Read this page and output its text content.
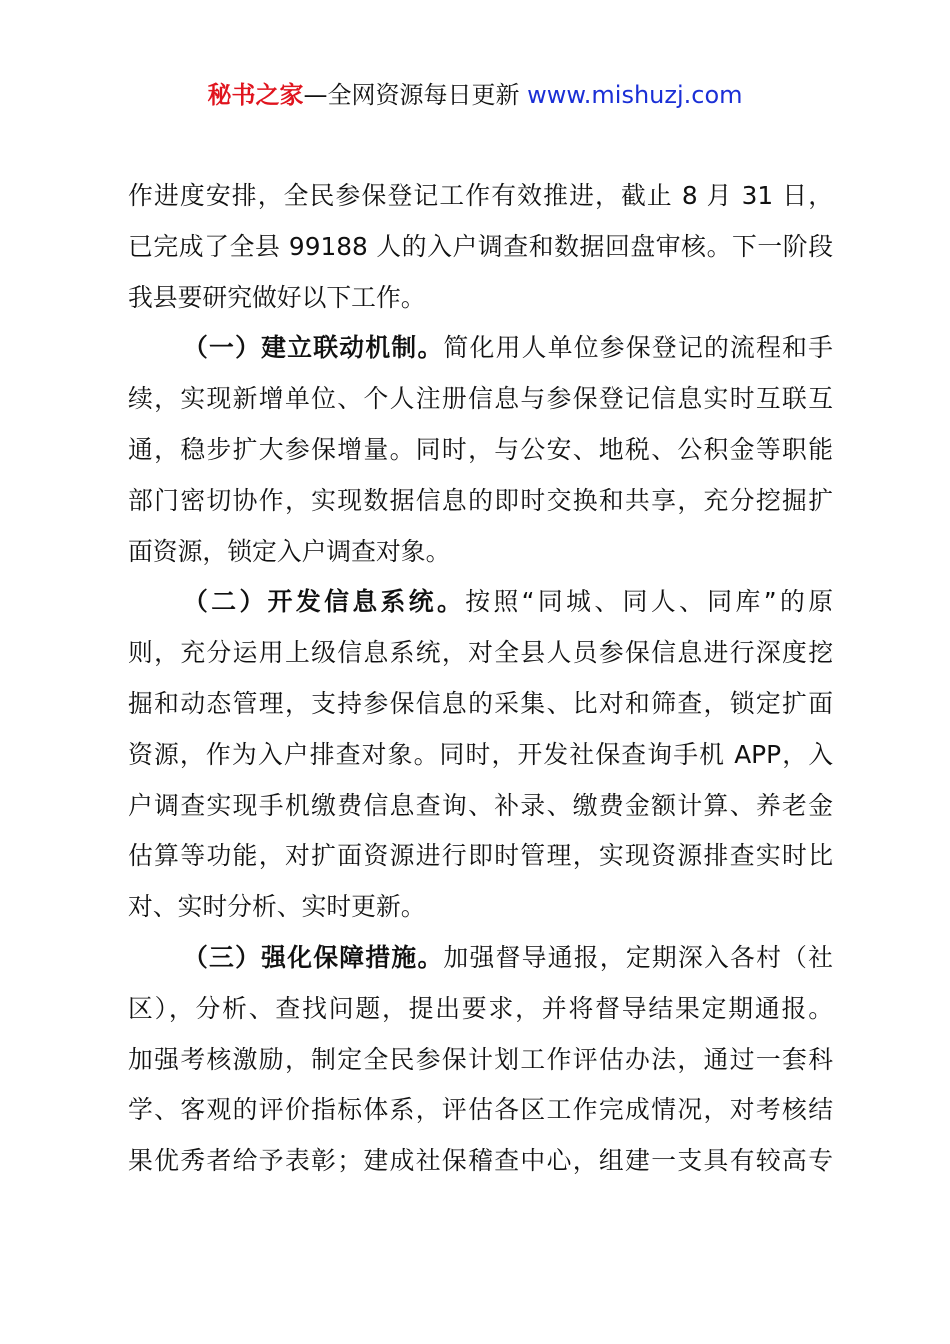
秘书之家—全网资源每日更新 www.mishuzj.com
作进度安排，全民参保登记工作有效推进，截止 8 月 31 日，
已完成了全县 99188 人的入户调查和数据回盘审核。下一阶段
我县要研究做好以下工作。
（一）建立联动机制。简化用人单位参保登记的流程和手
续，实现新增单位、个人注册信息与参保登记信息实时互联互
通，稳步扩大参保增量。同时，与公安、地税、公积金等职能
部门密切协作，实现数据信息的即时交换和共享，充分挖掘扩
面资源，锁定入户调查对象。
（二）开发信息系统。按照“同城、同人、同库”的原
则，充分运用上级信息系统，对全县人员参保信息进行深度挖
掘和动态管理，支持参保信息的采集、比对和筛查，锁定扩面
资源，作为入户排查对象。同时，开发社保查询手机 APP，入
户调查实现手机缴费信息查询、补录、缴费金额计算、养老金
估算等功能，对扩面资源进行即时管理，实现资源排查实时比
对、实时分析、实时更新。
（三）强化保障措施。加强督导通报，定期深入各村（社
区），分析、查找问题，提出要求，并将督导结果定期通报。
加强考核激励，制定全民参保计划工作评估办法，通过一套科
学、客观的评价指标体系，评估各区工作完成情况，对考核结
果优秀者给予表彰；建成社保稽查中心，组建一支具有较高专
